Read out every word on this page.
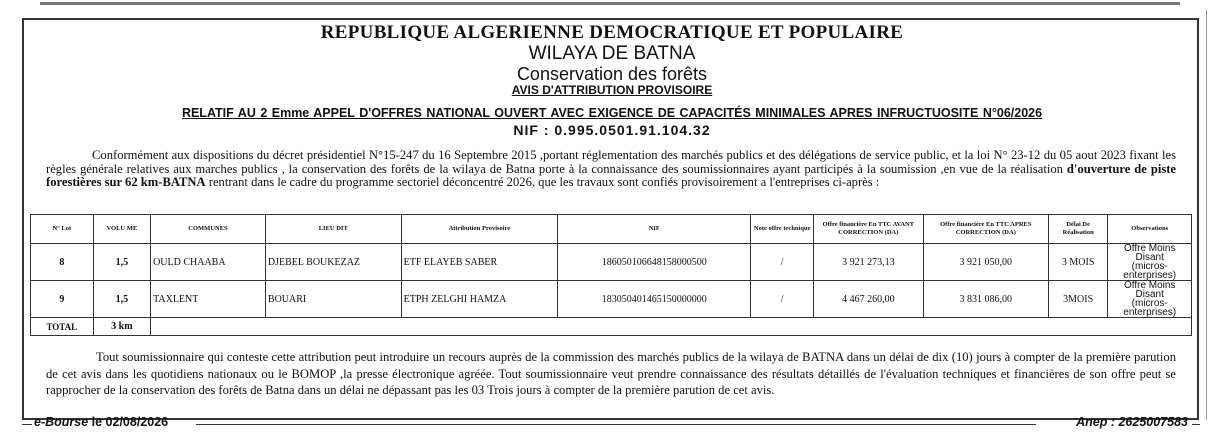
REPUBLIQUE ALGERIENNE DEMOCRATIQUE ET POPULAIRE
WILAYA DE BATNA
Conservation des forêts
AVIS D'ATTRIBUTION PROVISOIRE
RELATIF AU 2 Emme APPEL D'OFFRES NATIONAL OUVERT AVEC EXIGENCE DE CAPACITÉS MINIMALES APRES INFRUCTUOSITE N°06/2026
NIF : 0.995.0501.91.104.32
Conformément aux dispositions du décret présidentiel N°15-247 du 16 Septembre 2015 ,portant réglementation des marchés publics et des délégations de service public, et la loi N° 23-12 du 05 aout 2023 fixant les règles générale relatives aux marches publics , la conservation des forêts de la wilaya de Batna porte à la connaissance des soumissionnaires ayant participés à la soumission ,en vue de la réalisation d'ouverture de piste forestières sur 62 km-BATNA rentrant dans le cadre du programme sectoriel déconcentré 2026, que les travaux sont confiés provisoirement a l'entreprises ci-après :
N° Lot	VOLU ME	COMMUNES	LIEU DIT	Attribution Provisoire	NIF	Note offre technique	Offre financière En TTC AVANT CORRECTION (DA)	Offre financière En TTC APRES CORRECTION (DA)	Délai De Réalisation	Observations
8	1,5	OULD CHAABA	DJEBEL BOUKEZAZ	ETF ELAYEB SABER	186050106648158000500	/	3 921 273,13	3 921 050,00	3 MOIS	Offre Moins Disant
(micros-enterprises)

9	1,5	TAXLENT	BOUARI	ETPH ZELGHI HAMZA	183050401465150000000	/	4 467 260,00	3 831 086,00	3MOIS	Offre Moins Disant
(micros-enterprises)

TOTAL	3 km									
Tout soumissionnaire qui conteste cette attribution peut introduire un recours auprès de la commission des marchés publics de la wilaya de BATNA dans un délai de dix (10) jours à compter de la première parution de cet avis dans les quotidiens nationaux ou le BOMOP ,la presse électronique agréée. Tout soumissionnaire veut prendre connaissance des résultats détaillés de l'évaluation techniques et financières de son offre peut se rapprocher de la conservation des forêts de Batna dans un délai ne dépassant pas les 03 Trois jours à compter de la première parution de cet avis.
e-Bourse le 02/08/2026	Anep : 2625007583
